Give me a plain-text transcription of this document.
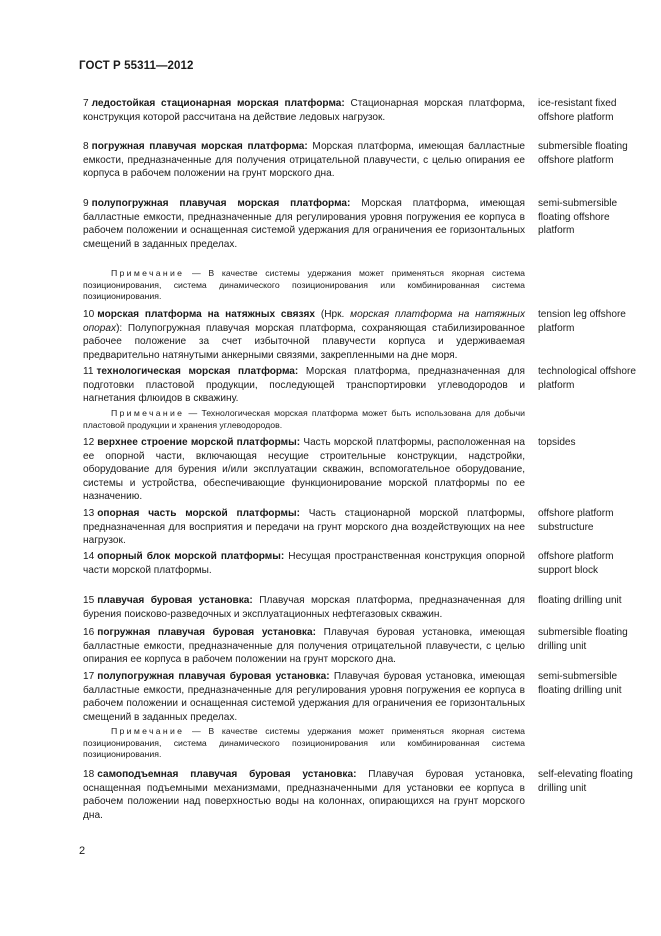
ГОСТ Р 55311—2012

7 ледостойкая стационарная морская платформа: Стационарная морская платформа, конструкция которой рассчитана на действие ледовых нагрузок.

ice-resistant fixed offshore platform

8 погружная плавучая морская платформа: Морская платформа, имеющая балластные емкости, предназначенные для получения отрицательной плавучести, с целью опирания ее корпуса в рабочем положении на грунт морского дна.

submersible floating offshore platform

9 полупогружная плавучая морская платформа: Морская платформа, имеющая балластные емкости, предназначенные для регулирования уровня погружения ее корпуса в рабочем положении и оснащенная системой удержания для ограничения ее горизонтальных смещений в заданных пределах.

semi-submersible floating offshore platform

Примечание — В качестве системы удержания может применяться якорная система позиционирования, система динамического позиционирования или комбинированная система позиционирования.

10 морская платформа на натяжных связях (Нрк. морская платформа на натяжных опорах): Полупогружная плавучая морская платформа, сохраняющая стабилизированное рабочее положение за счет избыточной плавучести корпуса и удерживаемая предварительно натянутыми анкерными связями, закрепленными на дне моря.

tension leg offshore platform

11 технологическая морская платформа: Морская платформа, предназначенная для подготовки пластовой продукции, последующей транспортировки углеводородов и нагнетания флюидов в скважину.

technological offshore platform

Примечание — Технологическая морская платформа может быть использована для добычи пластовой продукции и хранения углеводородов.

12 верхнее строение морской платформы: Часть морской платформы, расположенная на ее опорной части, включающая несущие строительные конструкции, надстройки, оборудование для бурения и/или эксплуатации скважин, вспомогательное оборудование, системы и устройства, обеспечивающие функционирование морской платформы по ее назначению.

topsides

13 опорная часть морской платформы: Часть стационарной морской платформы, предназначенная для восприятия и передачи на грунт морского дна воздействующих на нее нагрузок.

offshore platform substructure

14 опорный блок морской платформы: Несущая пространственная конструкция опорной части морской платформы.

offshore platform support block

15 плавучая буровая установка: Плавучая морская платформа, предназначенная для бурения поисково-разведочных и эксплуатационных нефтегазовых скважин.

floating drilling unit

16 погружная плавучая буровая установка: Плавучая буровая установка, имеющая балластные емкости, предназначенные для получения отрицательной плавучести, с целью опирания ее корпуса в рабочем положении на грунт морского дна.

submersible floating drilling unit

17 полупогружная плавучая буровая установка: Плавучая буровая установка, имеющая балластные емкости, предназначенные для регулирования уровня погружения ее корпуса в рабочем положении и оснащенная системой удержания для ограничения ее горизонтальных смещений в заданных пределах.

semi-submersible floating drilling unit

Примечание — В качестве системы удержания может применяться якорная система позиционирования, система динамического позиционирования или комбинированная система позиционирования.

18 самоподъемная плавучая буровая установка: Плавучая буровая установка, оснащенная подъемными механизмами, предназначенными для установки ее корпуса в рабочем положении над поверхностью воды на колоннах, опирающихся на грунт морского дна.

self-elevating floating drilling unit

2
